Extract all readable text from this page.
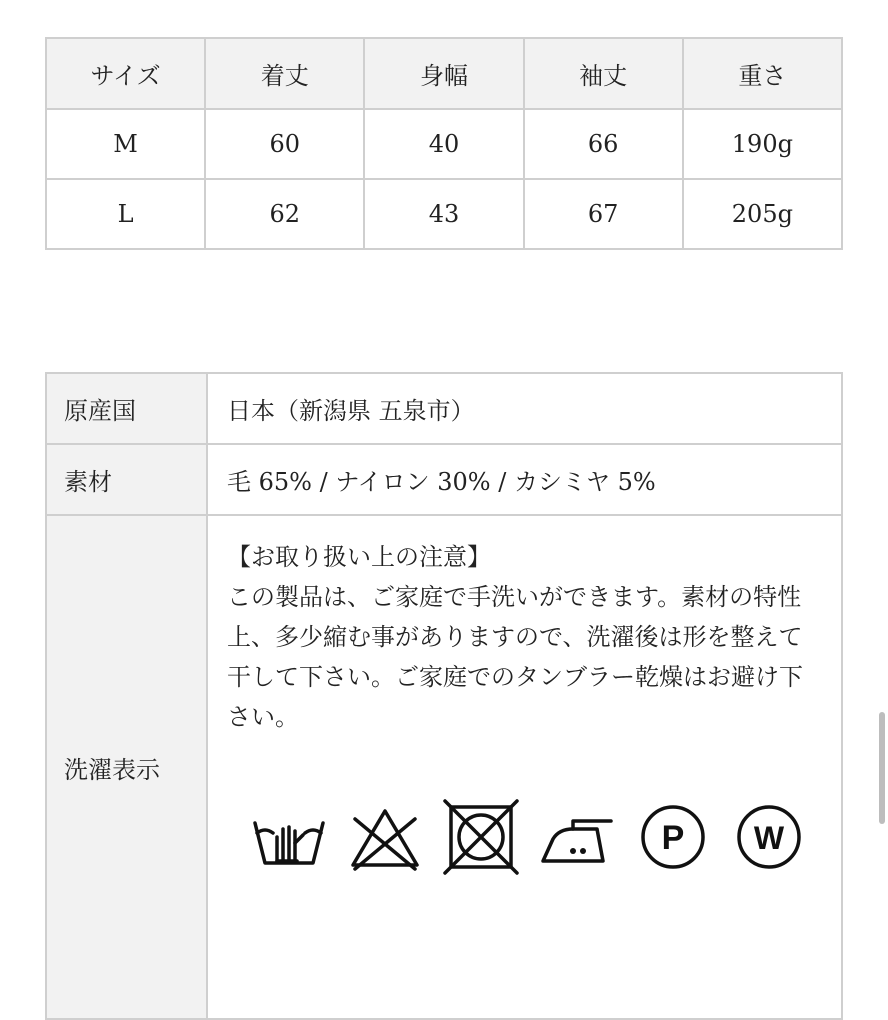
サイズ	着丈	身幅	袖丈	重さ
M	60	40	66	190g
L	62	43	67	205g
原産国	日本（新潟県 五泉市）
素材	毛 65% / ナイロン 30% / カシミヤ 5%
洗濯表示	【お取り扱い上の注意】
この製品は、ご家庭で手洗いができます。素材の特性上、多少縮む事がありますので、洗濯後は形を整えて干して下さい。ご家庭でのタンブラー乾燥はお避け下さい。
P W
